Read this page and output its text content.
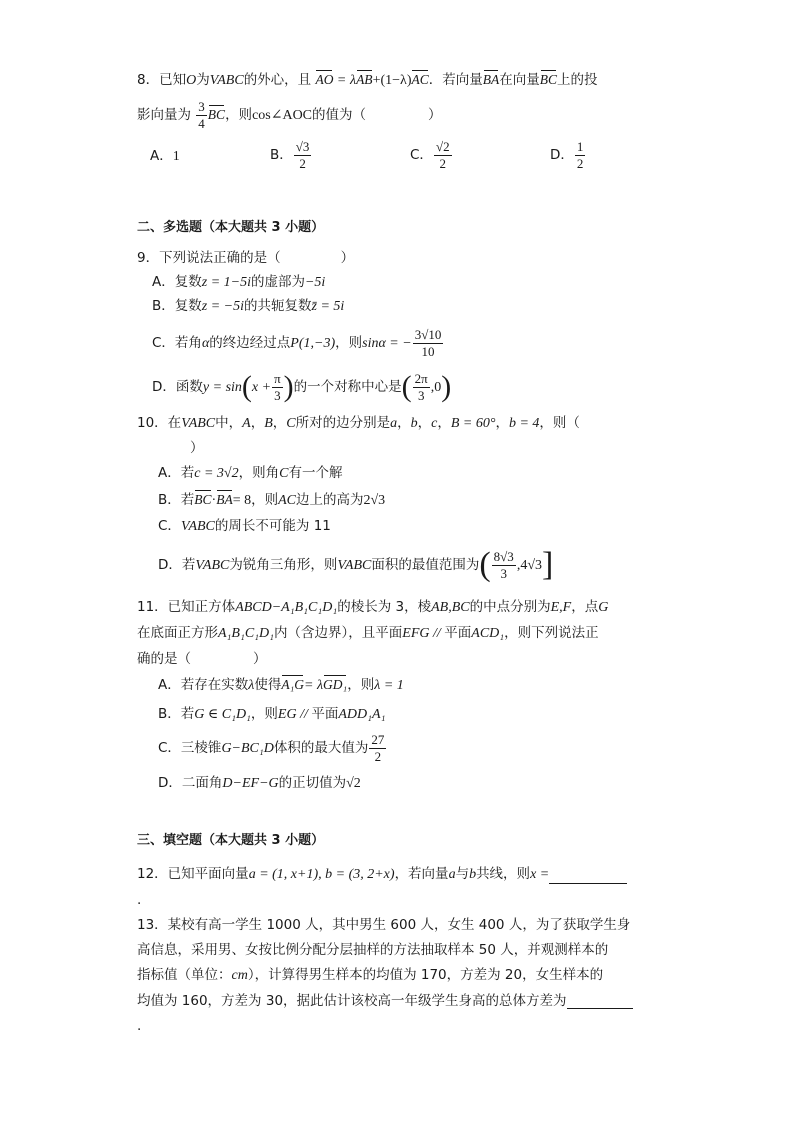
8．已知O为VABC的外心，且 AO = λAB+(1−λ)AC．若向量BA在向量BC上的投
影向量为 $\frac{3}{4}$ BC，则cos∠AOC的值为（	）
A．1	B． $\frac{√3}{2}$	C． $\frac{√2}{2}$	D． $\frac{1}{2}$
二、多选题（本大题共 3 小题）
9．下列说法正确的是（	）
A．复数z = 1−5i的虚部为−5i
B．复数z = −5i的共轭复数z̄ = 5i
C．若角α的终边经过点P(1,−3)，则sinα = − $\frac{3√10}{10}$
D．函数$y = \sin(x + \frac{\pi}{3}$ )的一个对称中心是( $\frac{2\pi}{3} ,0$)
10．在VABC中，A，B，C所对的边分别是a，b，c，B = 60°，b = 4，则（
）
A．若c = 3√2，则角C有一个解
B．若BC·BA= 8，则AC边上的高为2√3
C．VABC的周长不可能为 11
D．若VABC为锐角三角形，则VABC面积的最值范围为( $\frac{8√3}{3} ,4√3$]
11．已知正方体ABCD−A₁B₁C₁D₁的棱长为 3，棱AB,BC的中点分别为E,F，点G
在底面正方形A₁B₁C₁D₁内（含边界），且平面EFG // 平面ACD₁，则下列说法正
确的是（	）
A．若存在实数λ使得A₁G= λGD₁，则λ = 1
B．若G ∈ C₁D₁，则EG // 平面ADD₁A₁
C．三棱锥G−BC₁D体积的最大值为 $\frac{27}{2}$
D．二面角D−EF−G的正切值为√2
三、填空题（本大题共 3 小题）
12．已知平面向量a = (1, x+1), b = (3, 2+x)，若向量a与b共线，则x =
.
13．某校有高一学生 1000 人，其中男生 600 人，女生 400 人，为了获取学生身
高信息，采用男、女按比例分配分层抽样的方法抽取样本 50 人，并观测样本的
指标值（单位：cm），计算得男生样本的均值为 170，方差为 20，女生样本的
均值为 160，方差为 30，据此估计该校高一年级学生身高的总体方差为
.
